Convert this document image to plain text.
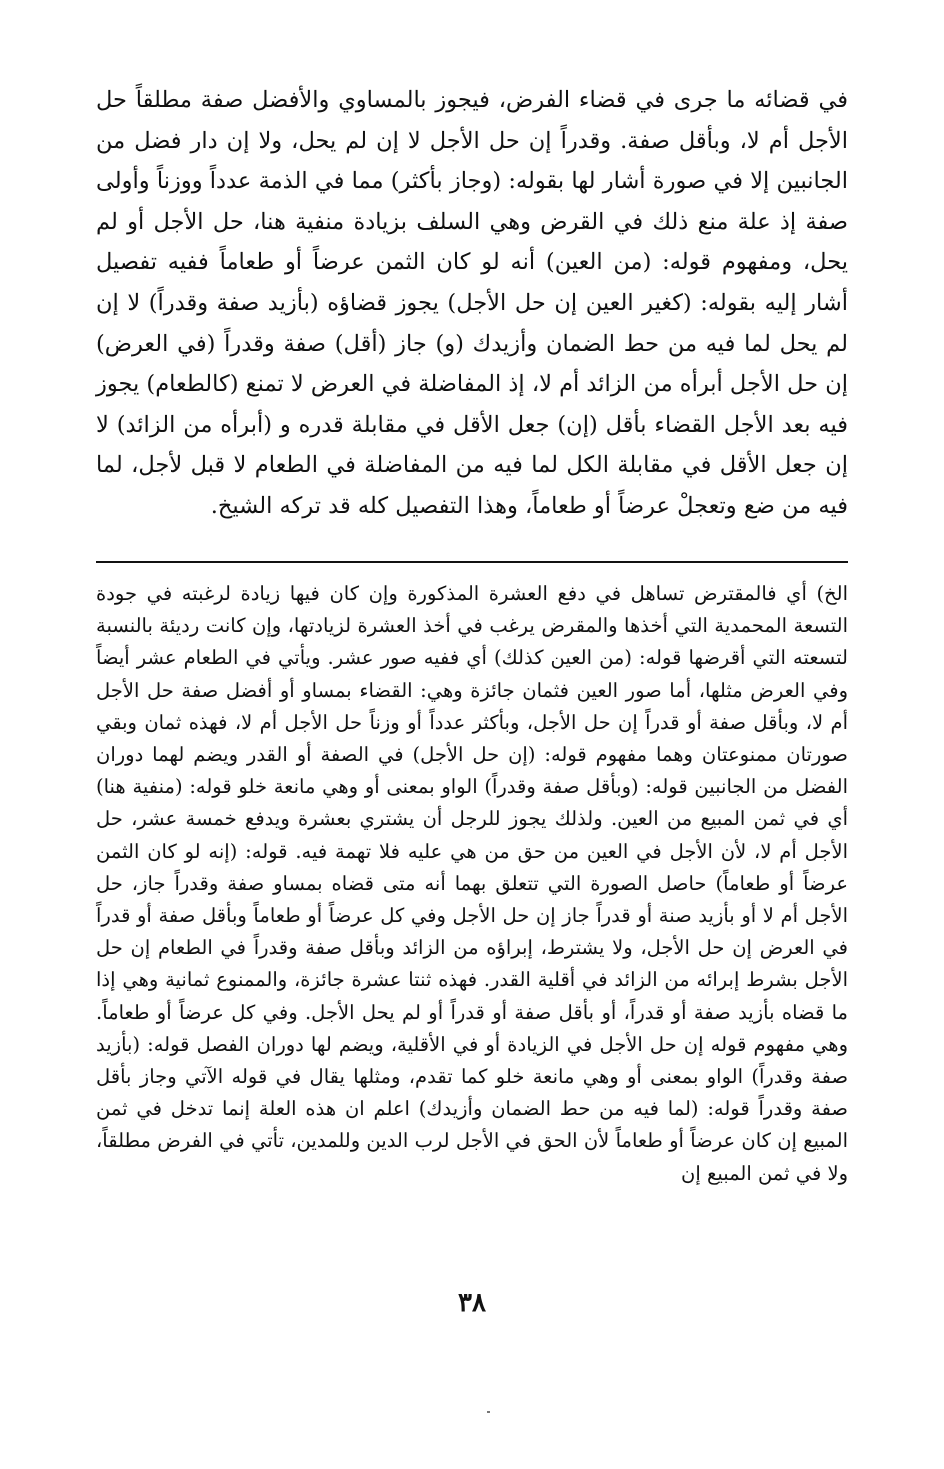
في قضائه ما جرى في قضاء الفرض، فيجوز بالمساوي والأفضل صفة مطلقاً حل الأجل أم لا، وبأقل صفة. وقدراً إن حل الأجل لا إن لم يحل، ولا إن دار فضل من الجانبين إلا في صورة أشار لها بقوله: (وجاز بأكثر) مما في الذمة عدداً ووزناً وأولى صفة إذ علة منع ذلك في القرض وهي السلف بزيادة منفية هنا، حل الأجل أو لم يحل، ومفهوم قوله: (من العين) أنه لو كان الثمن عرضاً أو طعاماً ففيه تفصيل أشار إليه بقوله: (كغير العين إن حل الأجل) يجوز قضاؤه (بأزيد صفة وقدراً) لا إن لم يحل لما فيه من حط الضمان وأزيدك (و) جاز (أقل) صفة وقدراً (في العرض) إن حل الأجل أبرأه من الزائد أم لا، إذ المفاضلة في العرض لا تمنع (كالطعام) يجوز فيه بعد الأجل القضاء بأقل (إن) جعل الأقل في مقابلة قدره و (أبرأه من الزائد) لا إن جعل الأقل في مقابلة الكل لما فيه من المفاضلة في الطعام لا قبل لأجل، لما فيه من ضع وتعجلْ عرضاً أو طعاماً، وهذا التفصيل كله قد تركه الشيخ.

الخ) أي فالمقترض تساهل في دفع العشرة المذكورة وإن كان فيها زيادة لرغبته في جودة التسعة المحمدية التي أخذها والمقرض يرغب في أخذ العشرة لزيادتها، وإن كانت رديئة بالنسبة لتسعته التي أقرضها قوله: (من العين كذلك) أي ففيه صور عشر. ويأتي في الطعام عشر أيضاً وفي العرض مثلها، أما صور العين فثمان جائزة وهي: القضاء بمساو أو أفضل صفة حل الأجل أم لا، وبأقل صفة أو قدراً إن حل الأجل، وبأكثر عدداً أو وزناً حل الأجل أم لا، فهذه ثمان وبقي صورتان ممنوعتان وهما مفهوم قوله: (إن حل الأجل) في الصفة أو القدر ويضم لهما دوران الفضل من الجانبين قوله: (وبأقل صفة وقدراً) الواو بمعنى أو وهي مانعة خلو قوله: (منفية هنا) أي في ثمن المبيع من العين. ولذلك يجوز للرجل أن يشتري بعشرة ويدفع خمسة عشر، حل الأجل أم لا، لأن الأجل في العين من حق من هي عليه فلا تهمة فيه. قوله: (إنه لو كان الثمن عرضاً أو طعاماً) حاصل الصورة التي تتعلق بهما أنه متى قضاه بمساو صفة وقدراً جاز، حل الأجل أم لا أو بأزيد صنة أو قدراً جاز إن حل الأجل وفي كل عرضاً أو طعاماً وبأقل صفة أو قدراً في العرض إن حل الأجل، ولا يشترط، إبراؤه من الزائد وبأقل صفة وقدراً في الطعام إن حل الأجل بشرط إبرائه من الزائد في أقلية القدر. فهذه ثنتا عشرة جائزة، والممنوع ثمانية وهي إذا ما قضاه بأزيد صفة أو قدراً، أو بأقل صفة أو قدراً أو لم يحل الأجل. وفي كل عرضاً أو طعاماً. وهي مفهوم قوله إن حل الأجل في الزيادة أو في الأقلية، ويضم لها دوران الفصل قوله: (بأزيد صفة وقدراً) الواو بمعنى أو وهي مانعة خلو كما تقدم، ومثلها يقال في قوله الآتي وجاز بأقل صفة وقدراً قوله: (لما فيه من حط الضمان وأزيدك) اعلم ان هذه العلة إنما تدخل في ثمن المبيع إن كان عرضاً أو طعاماً لأن الحق في الأجل لرب الدين وللمدين، تأتي في الفرض مطلقاً، ولا في ثمن المبيع إن

٣٨
